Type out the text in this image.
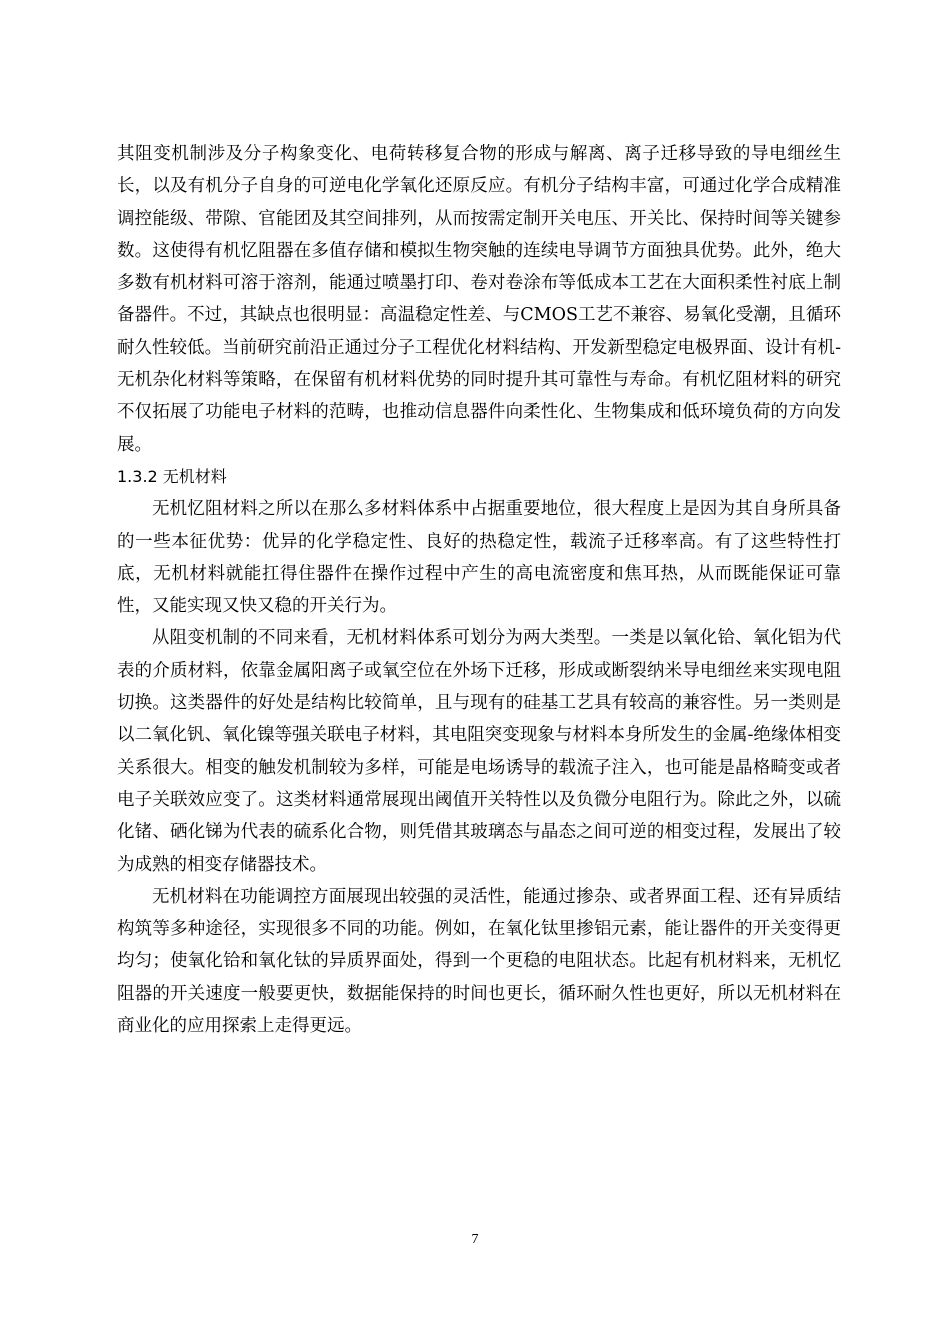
其阻变机制涉及分子构象变化、电荷转移复合物的形成与解离、离子迁移导致的导电细丝生长，以及有机分子自身的可逆电化学氧化还原反应。有机分子结构丰富，可通过化学合成精准调控能级、带隙、官能团及其空间排列，从而按需定制开关电压、开关比、保持时间等关键参数。这使得有机忆阻器在多值存储和模拟生物突触的连续电导调节方面独具优势。此外，绝大多数有机材料可溶于溶剂，能通过喷墨打印、卷对卷涂布等低成本工艺在大面积柔性衬底上制备器件。不过，其缺点也很明显：高温稳定性差、与CMOS工艺不兼容、易氧化受潮，且循环耐久性较低。当前研究前沿正通过分子工程优化材料结构、开发新型稳定电极界面、设计有机-无机杂化材料等策略，在保留有机材料优势的同时提升其可靠性与寿命。有机忆阻材料的研究不仅拓展了功能电子材料的范畴，也推动信息器件向柔性化、生物集成和低环境负荷的方向发展。

1.3.2 无机材料

无机忆阻材料之所以在那么多材料体系中占据重要地位，很大程度上是因为其自身所具备的一些本征优势：优异的化学稳定性、良好的热稳定性，载流子迁移率高。有了这些特性打底，无机材料就能扛得住器件在操作过程中产生的高电流密度和焦耳热，从而既能保证可靠性，又能实现又快又稳的开关行为。

从阻变机制的不同来看，无机材料体系可划分为两大类型。一类是以氧化铪、氧化铝为代表的介质材料，依靠金属阳离子或氧空位在外场下迁移，形成或断裂纳米导电细丝来实现电阻切换。这类器件的好处是结构比较简单，且与现有的硅基工艺具有较高的兼容性。另一类则是以二氧化钒、氧化镍等强关联电子材料，其电阻突变现象与材料本身所发生的金属-绝缘体相变关系很大。相变的触发机制较为多样，可能是电场诱导的载流子注入，也可能是晶格畸变或者电子关联效应变了。这类材料通常展现出阈值开关特性以及负微分电阻行为。除此之外，以硫化锗、硒化锑为代表的硫系化合物，则凭借其玻璃态与晶态之间可逆的相变过程，发展出了较为成熟的相变存储器技术。

无机材料在功能调控方面展现出较强的灵活性，能通过掺杂、或者界面工程、还有异质结构筑等多种途径，实现很多不同的功能。例如，在氧化钛里掺铝元素，能让器件的开关变得更均匀；使氧化铪和氧化钛的异质界面处，得到一个更稳的电阻状态。比起有机材料来，无机忆阻器的开关速度一般要更快，数据能保持的时间也更长，循环耐久性也更好，所以无机材料在商业化的应用探索上走得更远。

7
